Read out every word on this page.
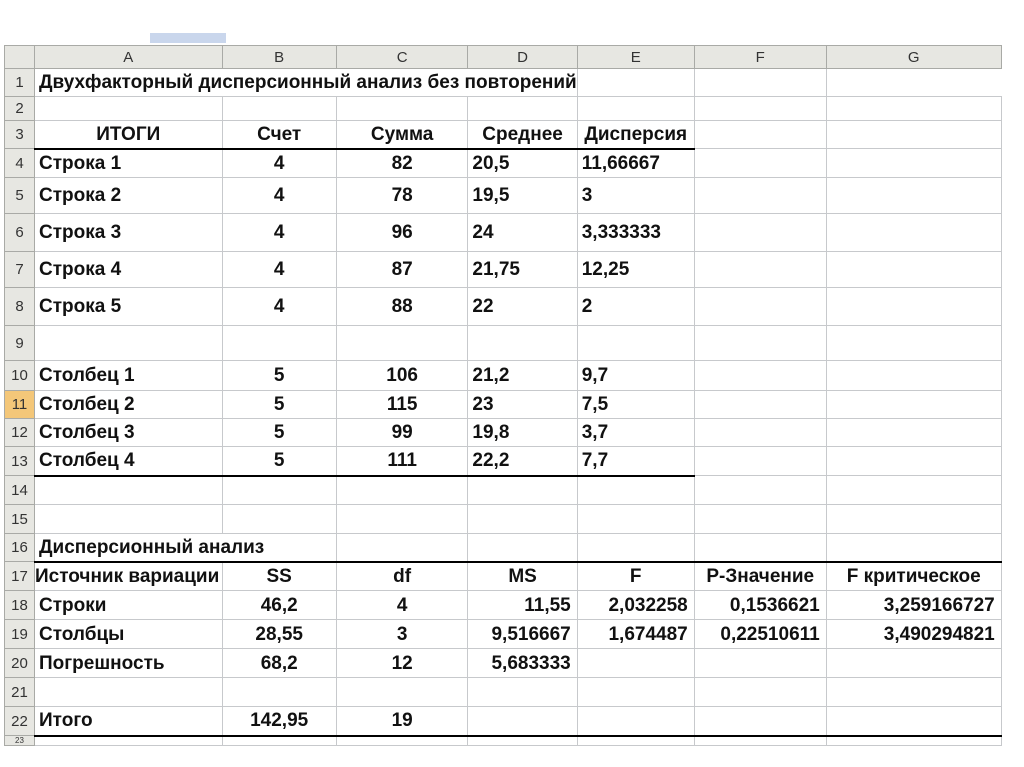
	A	B	C	D	E	F	G
1	Двухфакторный дисперсионный анализ без повторений						
2							
3	ИТОГИ	Счет	Сумма	Среднее	Дисперсия		
4	Строка 1	4	82	20,5	11,66667		
5	Строка 2	4	78	19,5	3		
6	Строка 3	4	96	24	3,333333		
7	Строка 4	4	87	21,75	12,25		
8	Строка 5	4	88	22	2		
9							
10	Столбец 1	5	106	21,2	9,7		
11	Столбец 2	5	115	23	7,5		
12	Столбец 3	5	99	19,8	3,7		
13	Столбец 4	5	111	22,2	7,7		
14							
15							
16	Дисперсионный анализ						
17	Источник вариации	SS	df	MS	F	P-Значение	F критическое
18	Строки	46,2	4	11,55	2,032258	0,1536621	3,259166727
19	Столбцы	28,55	3	9,516667	1,674487	0,22510611	3,490294821
20	Погрешность	68,2	12	5,683333			
21							
22	Итого	142,95	19				
23							
